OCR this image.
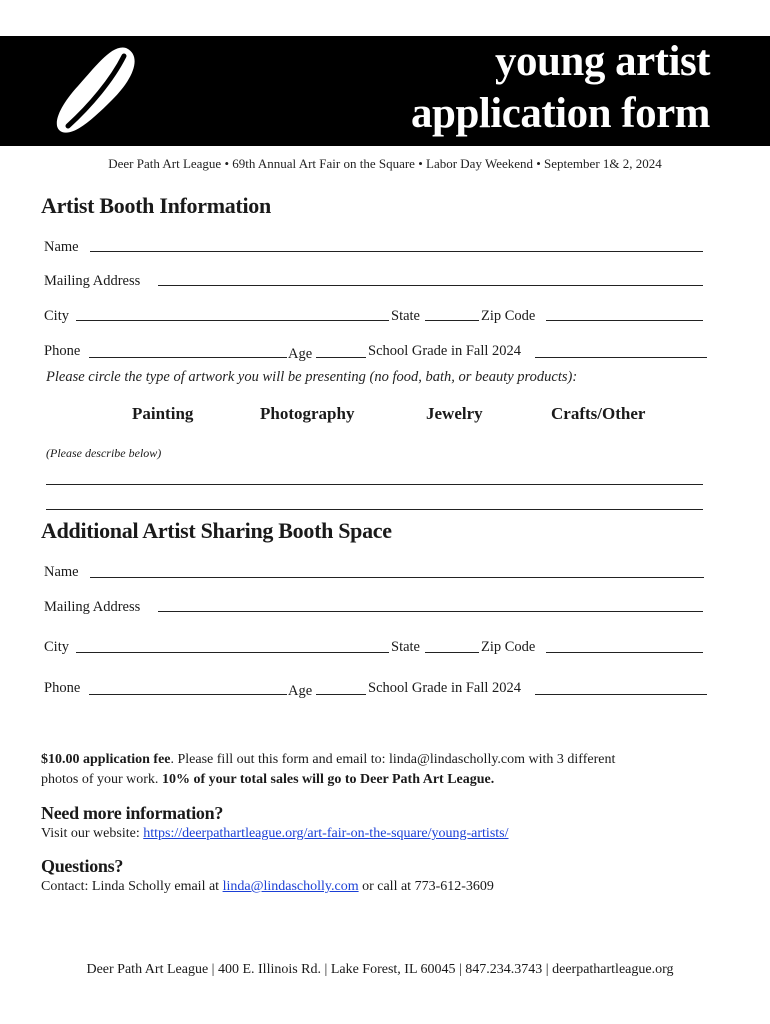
young artist
application form
Deer Path Art League • 69th Annual Art Fair on the Square • Labor Day Weekend • September 1& 2, 2024
Artist Booth Information
Name
Mailing Address
City	State	Zip Code
Phone	Age	School Grade in Fall 2024
Please circle the type of artwork you will be presenting (no food, bath, or beauty products):
Painting	Photography	Jewelry	Crafts/Other
(Please describe below)
Additional Artist Sharing Booth Space
Name
Mailing Address
City	State	Zip Code
Phone	Age	School Grade in Fall 2024
$10.00 application fee. Please fill out this form and email to: linda@lindascholly.com with 3 different
photos of your work. 10% of your total sales will go to Deer Path Art League.
Need more information?
Visit our website: https://deerpathartleague.org/art-fair-on-the-square/young-artists/
Questions?
Contact: Linda Scholly email at linda@lindascholly.com or call at 773-612-3609
Deer Path Art League | 400 E. Illinois Rd. | Lake Forest, IL 60045 | 847.234.3743 | deerpathartleague.org
